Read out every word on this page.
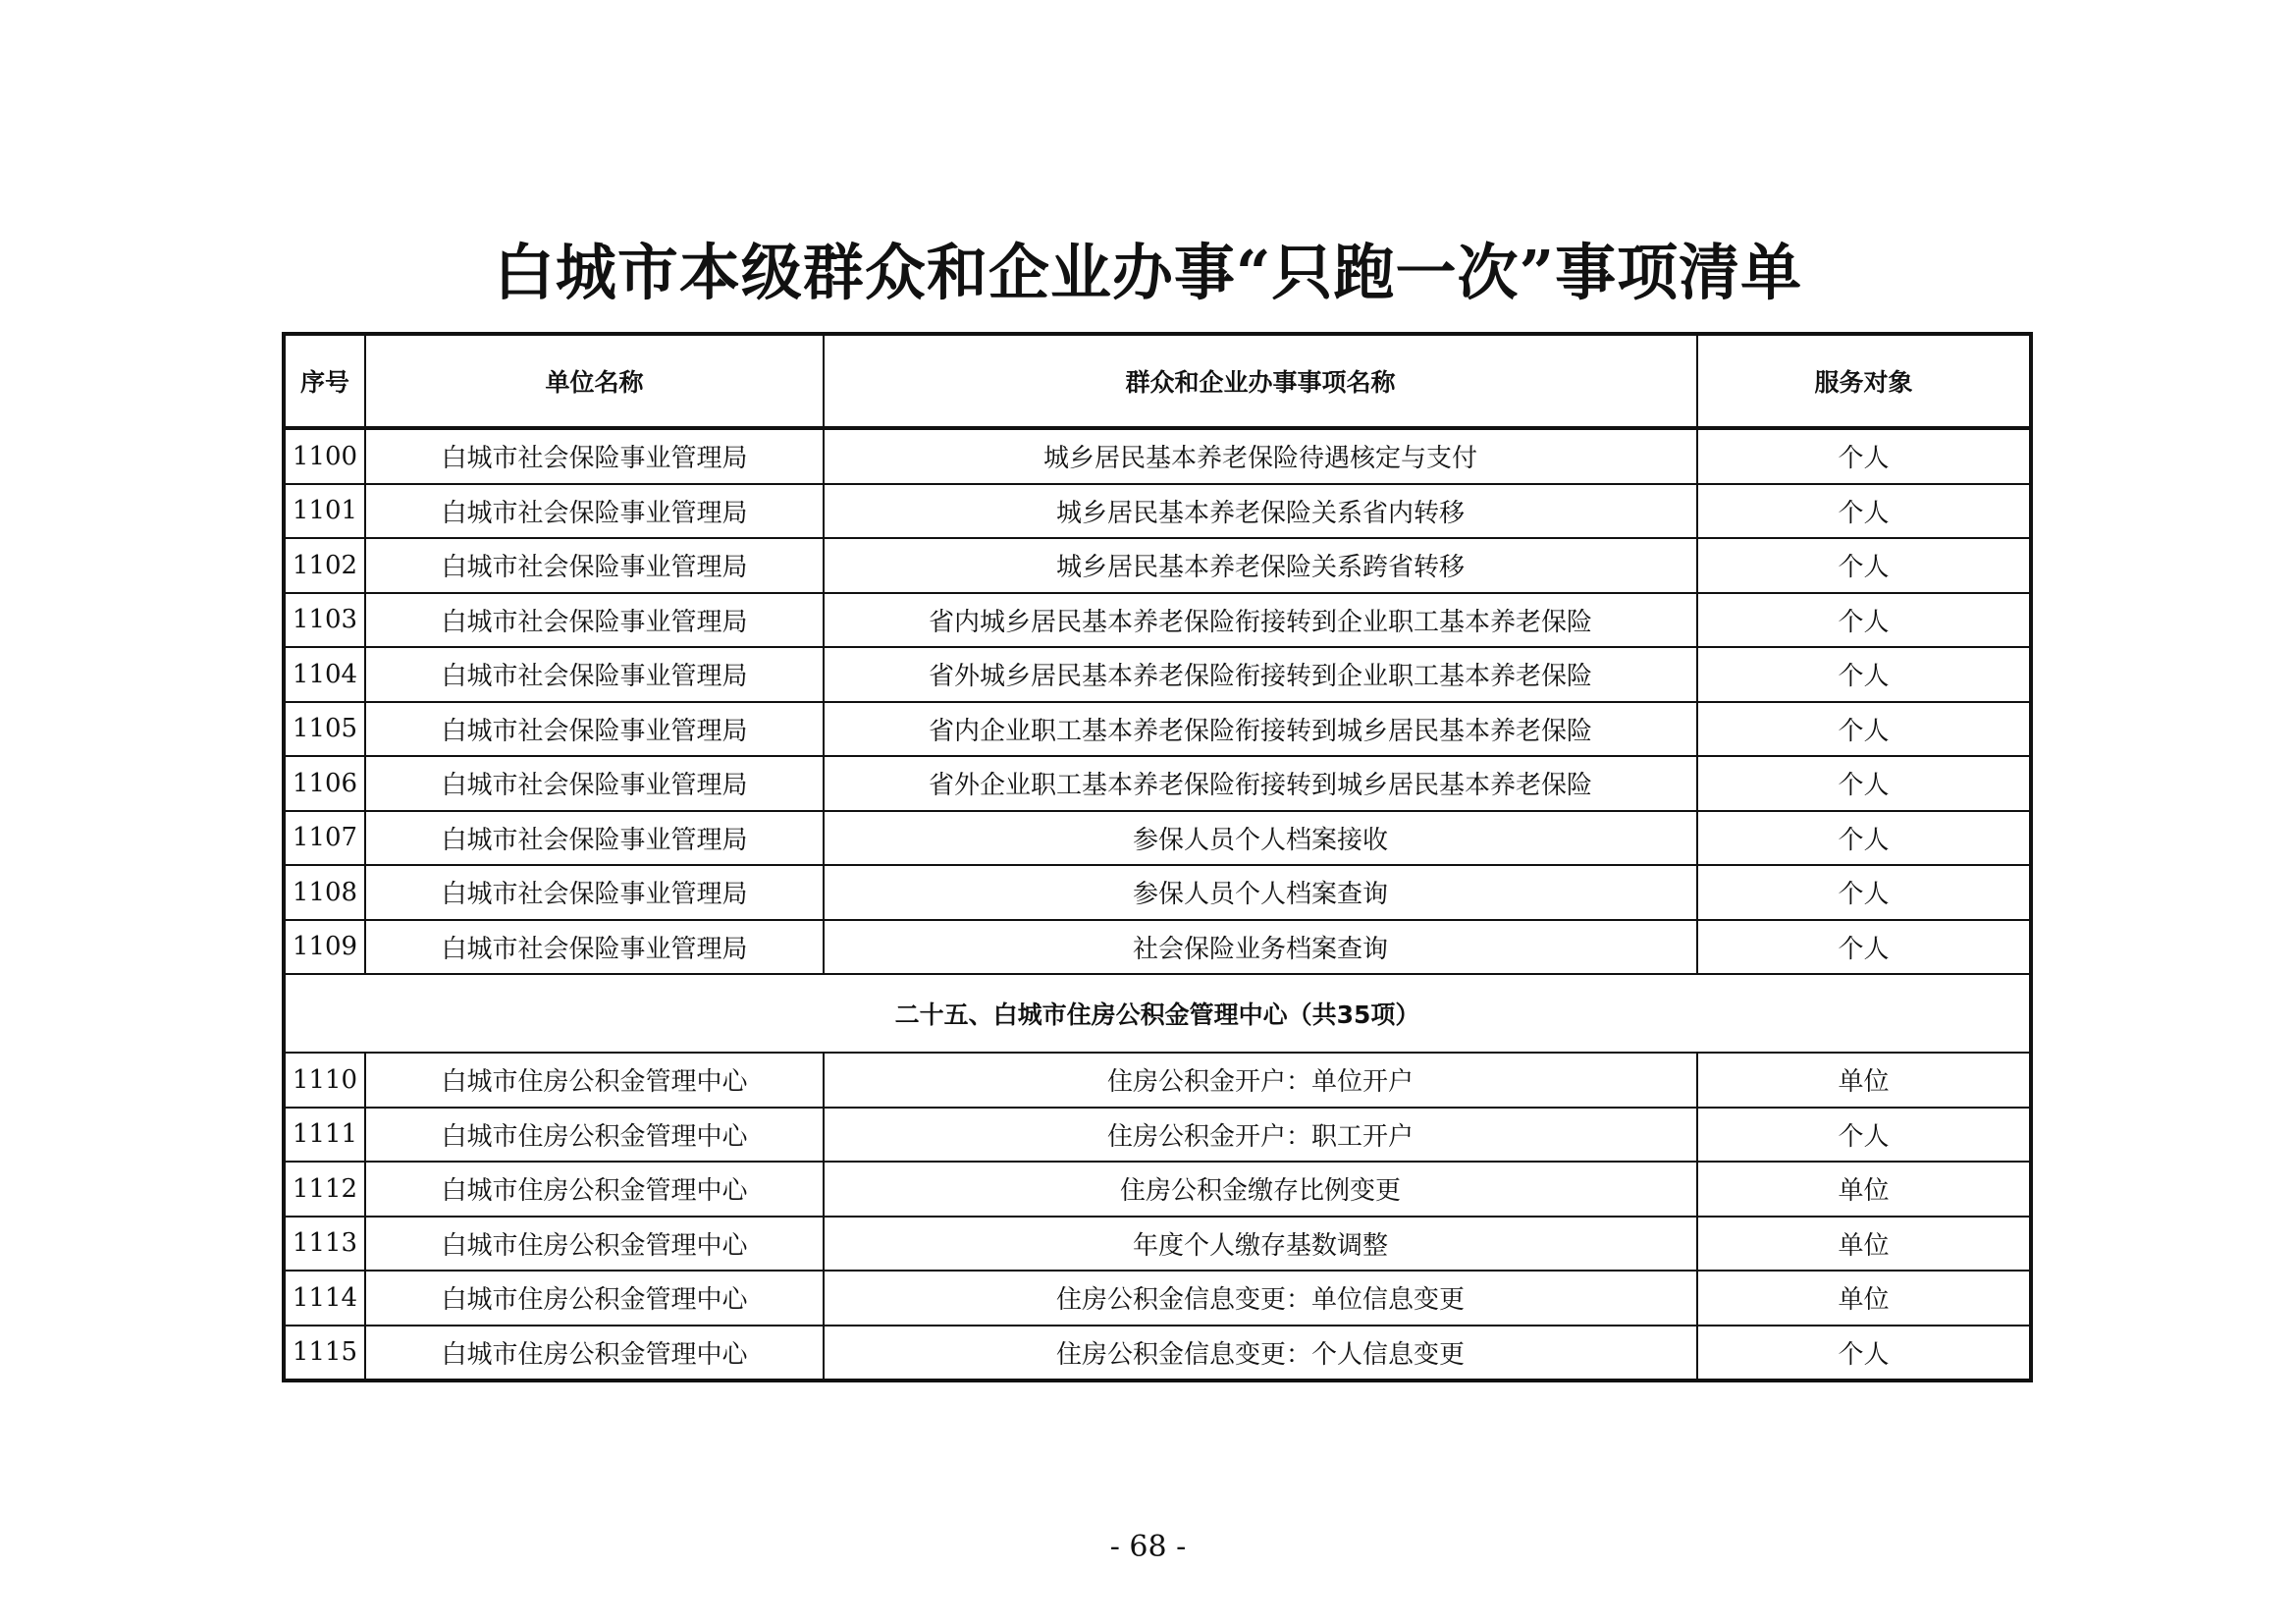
白城市本级群众和企业办事“只跑一次”事项清单
序号	单位名称	群众和企业办事事项名称	服务对象
1100	白城市社会保险事业管理局	城乡居民基本养老保险待遇核定与支付	个人
1101	白城市社会保险事业管理局	城乡居民基本养老保险关系省内转移	个人
1102	白城市社会保险事业管理局	城乡居民基本养老保险关系跨省转移	个人
1103	白城市社会保险事业管理局	省内城乡居民基本养老保险衔接转到企业职工基本养老保险	个人
1104	白城市社会保险事业管理局	省外城乡居民基本养老保险衔接转到企业职工基本养老保险	个人
1105	白城市社会保险事业管理局	省内企业职工基本养老保险衔接转到城乡居民基本养老保险	个人
1106	白城市社会保险事业管理局	省外企业职工基本养老保险衔接转到城乡居民基本养老保险	个人
1107	白城市社会保险事业管理局	参保人员个人档案接收	个人
1108	白城市社会保险事业管理局	参保人员个人档案查询	个人
1109	白城市社会保险事业管理局	社会保险业务档案查询	个人
二十五、白城市住房公积金管理中心（共35项）			
1110	白城市住房公积金管理中心	住房公积金开户：单位开户	单位
1111	白城市住房公积金管理中心	住房公积金开户：职工开户	个人
1112	白城市住房公积金管理中心	住房公积金缴存比例变更	单位
1113	白城市住房公积金管理中心	年度个人缴存基数调整	单位
1114	白城市住房公积金管理中心	住房公积金信息变更：单位信息变更	单位
1115	白城市住房公积金管理中心	住房公积金信息变更：个人信息变更	个人
- 68 -
